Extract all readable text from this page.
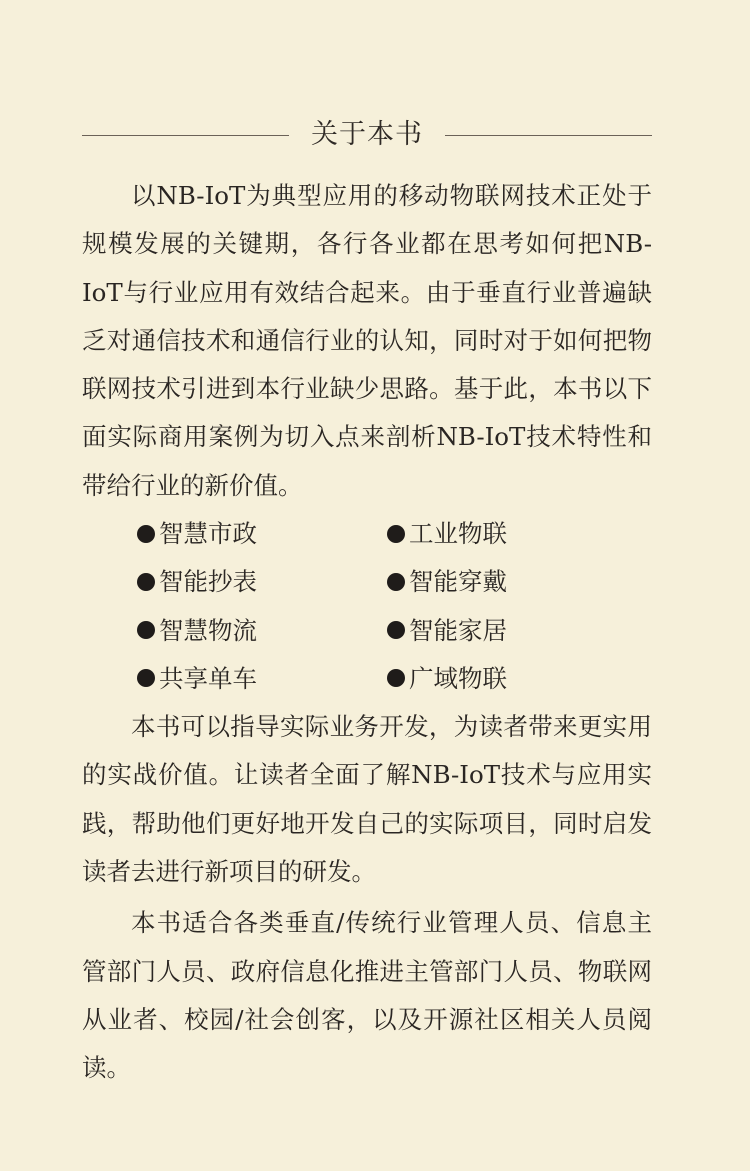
关于本书

以NB-IoT为典型应用的移动物联网技术正处于
规模发展的关键期，各行各业都在思考如何把NB-
IoT与行业应用有效结合起来。由于垂直行业普遍缺
乏对通信技术和通信行业的认知，同时对于如何把物
联网技术引进到本行业缺少思路。基于此，本书以下
面实际商用案例为切入点来剖析NB-IoT技术特性和
带给行业的新价值。

智慧市政	工业物联
智能抄表	智能穿戴
智慧物流	智能家居
共享单车	广域物联

本书可以指导实际业务开发，为读者带来更实用
的实战价值。让读者全面了解NB-IoT技术与应用实
践，帮助他们更好地开发自己的实际项目，同时启发
读者去进行新项目的研发。

本书适合各类垂直/传统行业管理人员、信息主
管部门人员、政府信息化推进主管部门人员、物联网
从业者、校园/社会创客，以及开源社区相关人员阅
读。
